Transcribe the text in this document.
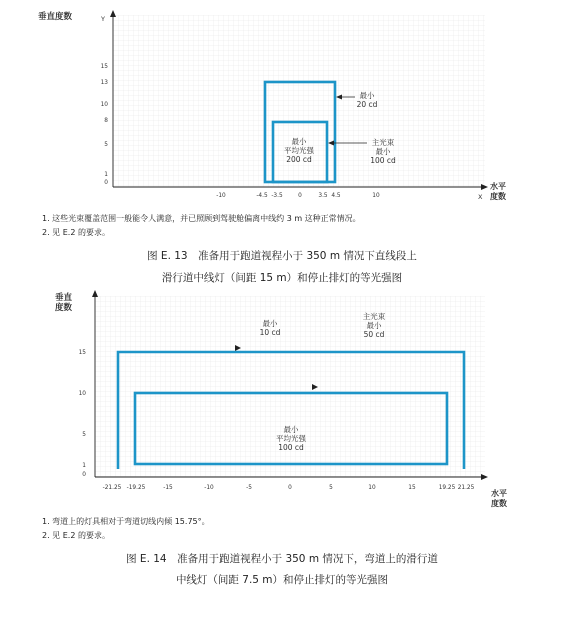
垂直度数	Y
水平
度数
X
15
13
10
8
5
1
0
-10	-4.5 -3.5	0	3.5 4.5	10
最小
20 cd
最小
平均光强
200 cd
主光束
最小
100 cd
垂直
度数
水平
度数
15
10
5
1
0
-21.25 -19.25	-15	-10	-5	0	5	10	15	19.25 21.25
最小
10 cd
主光束
最小
50 cd
最小
平均光强
100 cd
1. 这些光束覆盖范围一般能令人满意，并已照顾到驾驶舱偏离中线约 3 m 这种正常情况。
2. 见 E.2 的要求。
图 E. 13　准备用于跑道视程小于 350 m 情况下直线段上
滑行道中线灯（间距 15 m）和停止排灯的等光强图
1. 弯道上的灯具相对于弯道切线内倾 15.75°。
2. 见 E.2 的要求。
图 E. 14　准备用于跑道视程小于 350 m 情况下，弯道上的滑行道
中线灯（间距 7.5 m）和停止排灯的等光强图
